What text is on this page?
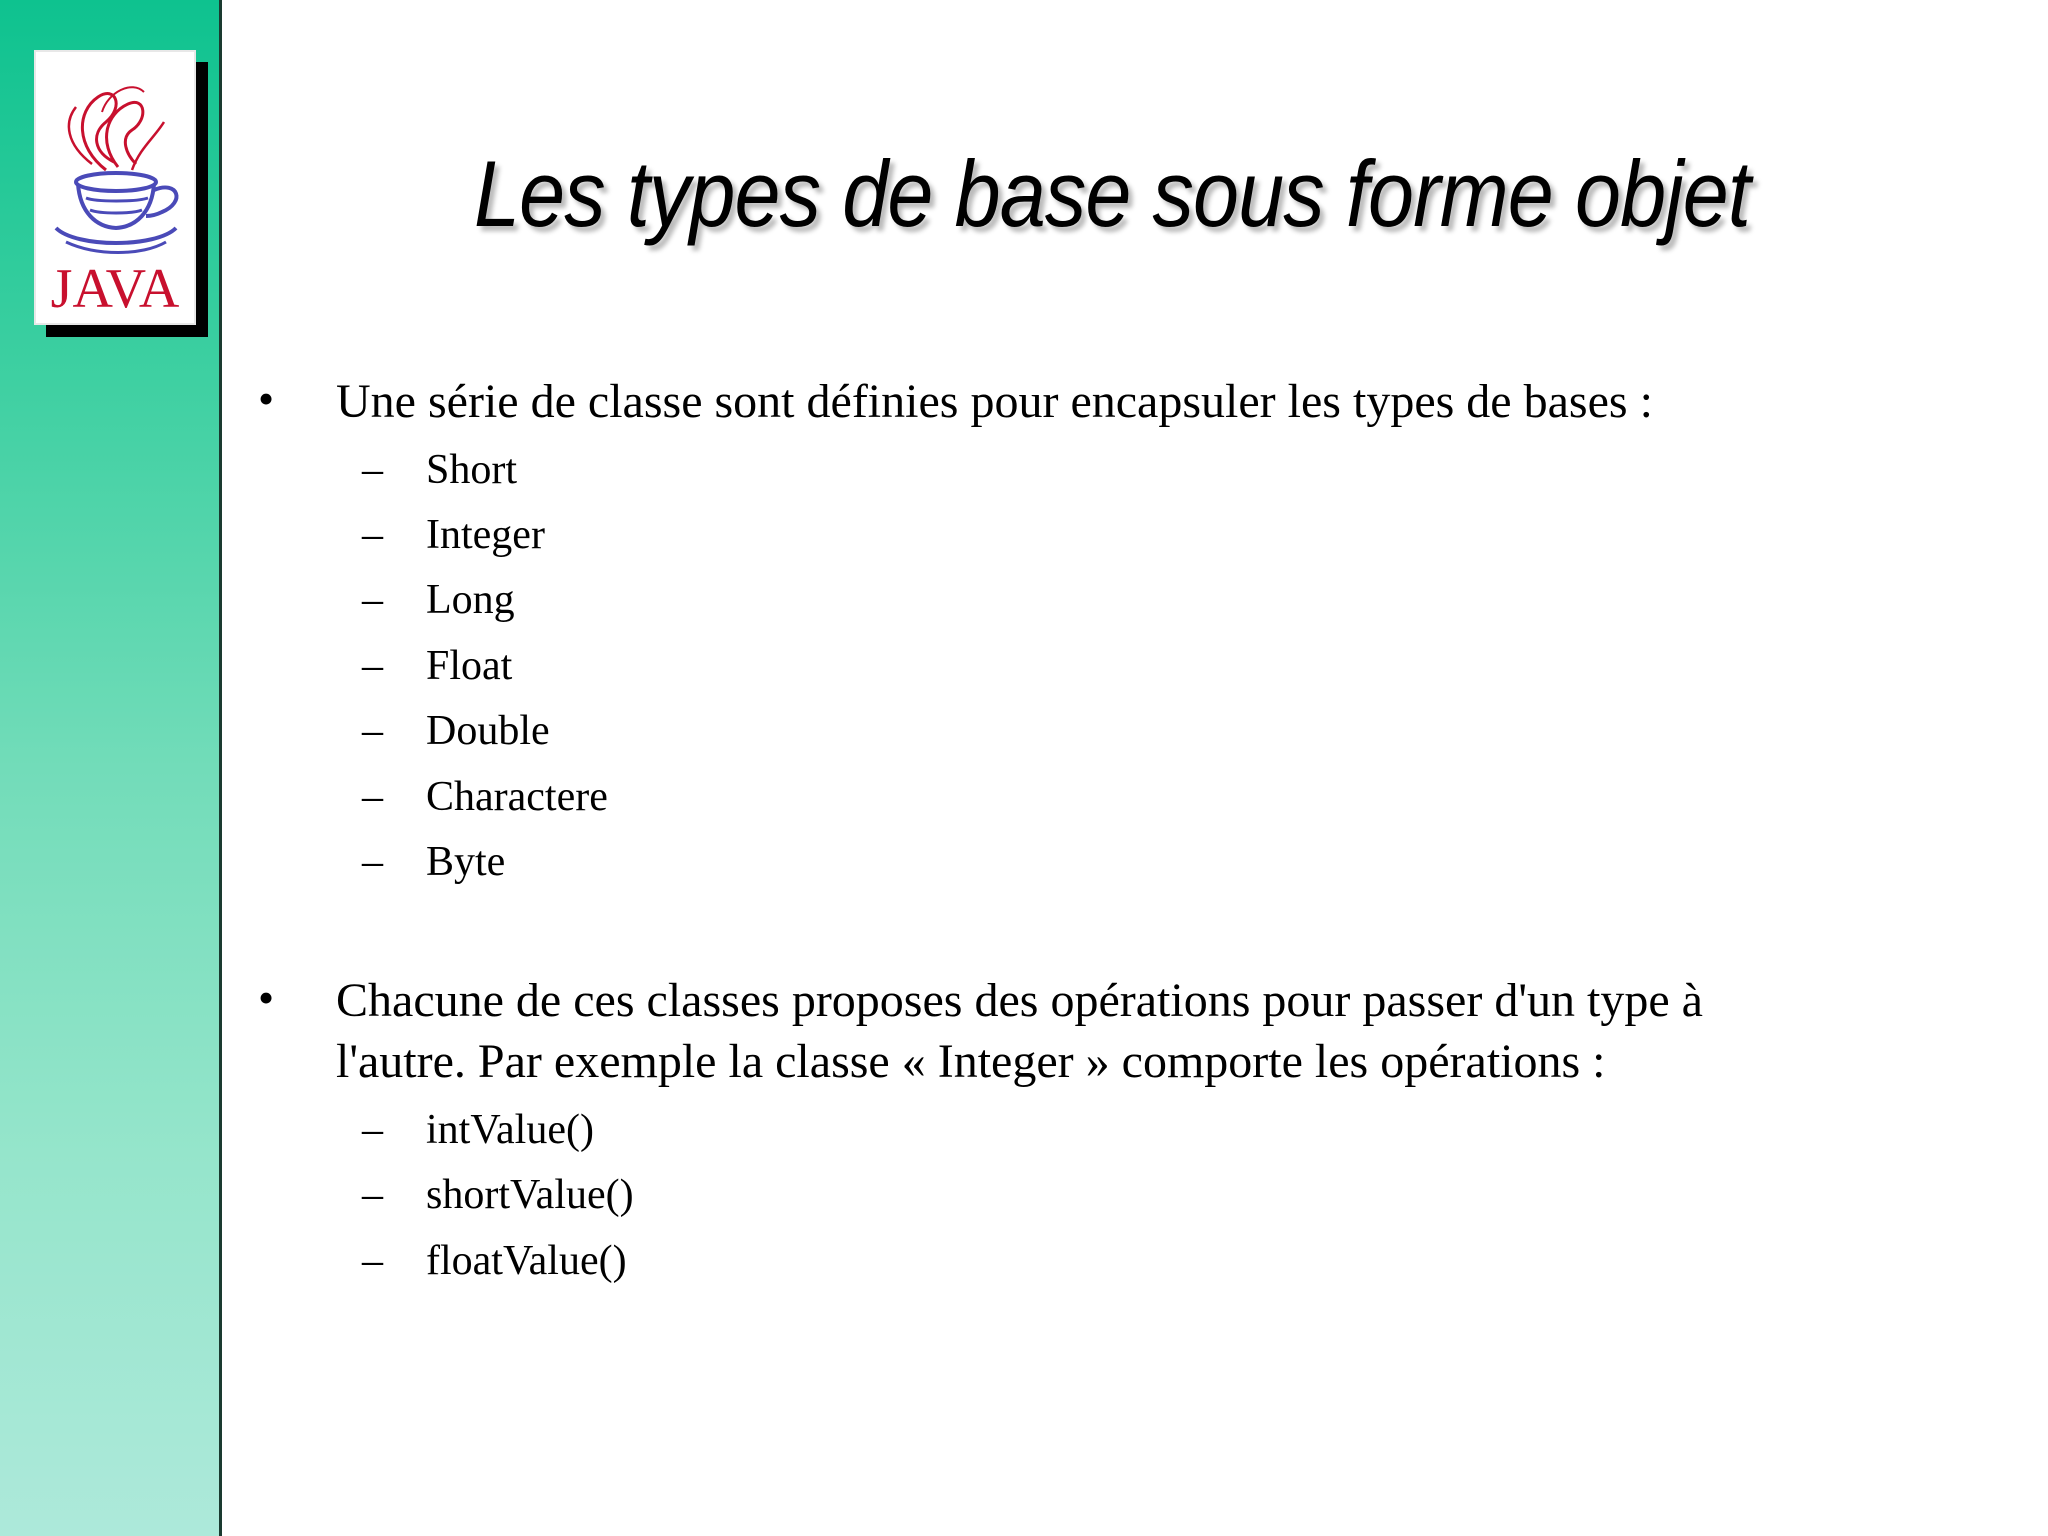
JAVA
Les types de base sous forme objet
• Une série de classe sont définies pour encapsuler les types de bases :
– Short
– Integer
– Long
– Float
– Double
– Charactere
– Byte
• Chacune de ces classes proposes des opérations pour passer d'un type à
l'autre. Par exemple la classe « Integer » comporte les opérations :
– intValue()
– shortValue()
– floatValue()
